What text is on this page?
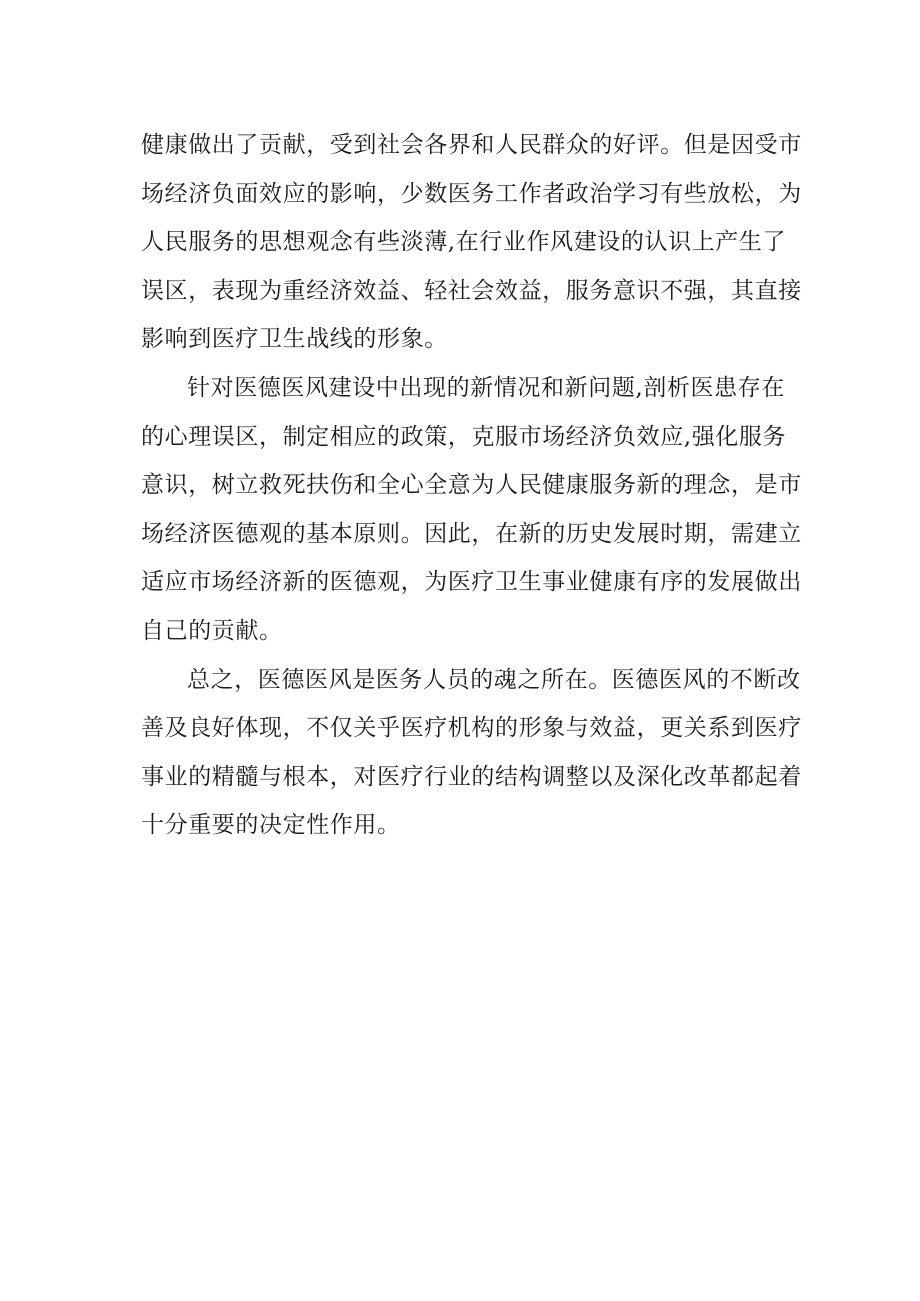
健康做出了贡献，受到社会各界和人民群众的好评。但是因受市
场经济负面效应的影响，少数医务工作者政治学习有些放松，为
人民服务的思想观念有些淡薄,在行业作风建设的认识上产生了
误区，表现为重经济效益、轻社会效益，服务意识不强，其直接
影响到医疗卫生战线的形象。
针对医德医风建设中出现的新情况和新问题,剖析医患存在
的心理误区，制定相应的政策，克服市场经济负效应,强化服务
意识，树立救死扶伤和全心全意为人民健康服务新的理念，是市
场经济医德观的基本原则。因此，在新的历史发展时期，需建立
适应市场经济新的医德观，为医疗卫生事业健康有序的发展做出
自己的贡献。
总之，医德医风是医务人员的魂之所在。医德医风的不断改
善及良好体现，不仅关乎医疗机构的形象与效益，更关系到医疗
事业的精髓与根本，对医疗行业的结构调整以及深化改革都起着
十分重要的决定性作用。
